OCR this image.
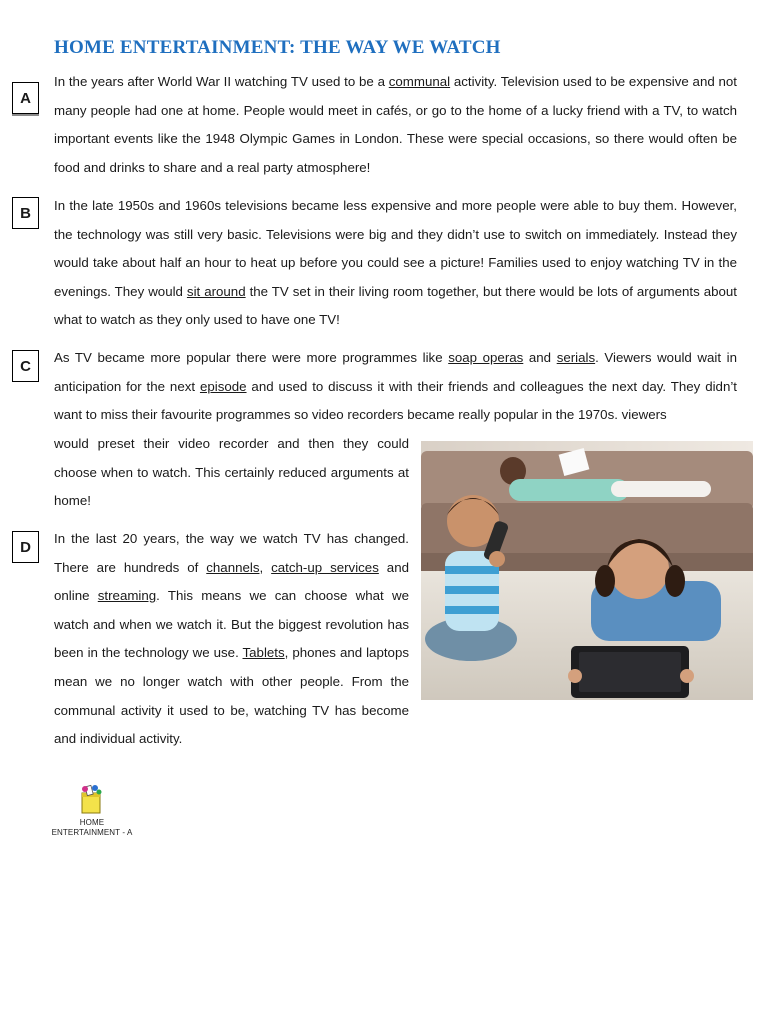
HOME ENTERTAINMENT: THE WAY WE WATCH
A

In the years after World War II watching TV used to be a communal activity. Television used to be expensive and not many people had one at home. People would meet in cafés, or go to the home of a lucky friend with a TV, to watch important events like the 1948 Olympic Games in London. These were special occasions, so there would often be food and drinks to share and a real party atmosphere!

B	In the late 1950s and 1960s televisions became less expensive and more people were able to buy them. However, the technology was still very basic. Televisions were big and they didn’t use to switch on immediately. Instead they would take about half an hour to heat up before you could see a picture! Families used to enjoy watching TV in the evenings. They would sit around the TV set in their living room together, but there would be lots of arguments about what to watch as they only used to have one TV!

C	As TV became more popular there were more programmes like soap operas and serials. Viewers would wait in anticipation for the next episode and used to discuss it with their friends and colleagues the next day. They didn’t want to miss their favourite programmes so video recorders became really popular in the 1970s. viewers

would preset their video recorder and then they could choose when to watch. This certainly reduced arguments at home!

D	In the last 20 years, the way we watch TV has changed. There are hundreds of channels, catch-up services and online streaming. This means we can choose what we watch and when we watch it. But the biggest revolution has been in the technology we use. Tablets, phones and laptops mean we no longer watch with other people. From the communal activity it used to be, watching TV has become and individual activity.

HOME
ENTERTAINMENT - A
